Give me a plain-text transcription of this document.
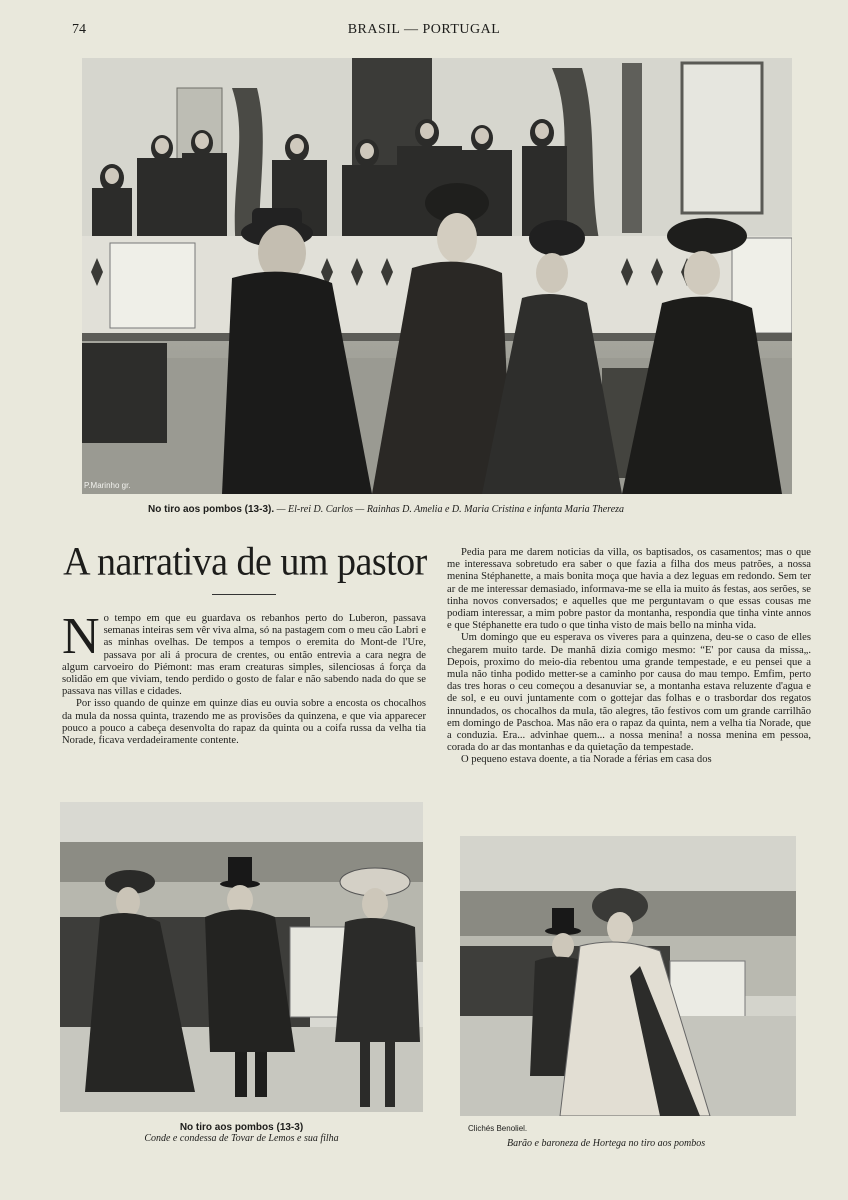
74	BRASIL — PORTUGAL
P.Marinho gr.
No tiro aos pombos (13-3). — El-rei D. Carlos — Rainhas D. Amelia e D. Maria Cristina e infanta Maria Thereza
A narrativa de um pastor

No tempo em que eu guardava os rebanhos perto do Luberon, passava semanas inteiras sem vêr viva alma, só na pastagem com o meu cão Labri e as minhas ovelhas. De tempos a tempos o eremita do Mont-de l'Ure, passava por ali á procura de crentes, ou então entrevia a cara negra de algum carvoeiro do Piémont: mas eram creaturas simples, silenciosas á força da solidão em que viviam, tendo perdido o gosto de falar e não sabendo nada do que se passava nas villas e cidades.

Por isso quando de quinze em quinze dias eu ouvia sobre a encosta os chocalhos da mula da nossa quinta, trazendo me as provisões da quinzena, e que via apparecer pouco a pouco a cabeça desenvolta do rapaz da quinta ou a coifa russa da velha tia Norade, ficava verdadeiramente contente.

Pedia para me darem noticias da villa, os baptisados, os casamentos; mas o que me interessava sobretudo era saber o que fazia a filha dos meus patrões, a nossa menina Stéphanette, a mais bonita moça que havia a dez leguas em redondo. Sem ter ar de me interessar demasiado, informava-me se ella ia muito ás festas, aos serões, se tinha novos conversados; e aquelles que me perguntavam o que essas cousas me podiam interessar, a mim pobre pastor da montanha, respondia que tinha vinte annos e que Stéphanette era tudo o que tinha visto de mais bello na minha vida.

Um domingo que eu esperava os viveres para a quinzena, deu-se o caso de elles chegarem muito tarde. De manhã dizia comigo mesmo: “E' por causa da missa„. Depois, proximo do meio-dia rebentou uma grande tempestade, e eu pensei que a mula não tinha podido metter-se a caminho por causa do mau tempo. Emfim, perto das tres horas o ceu começou a desanuviar se, a montanha estava reluzente d'agua e de sol, e eu ouvi juntamente com o gottejar das folhas e o trasbordar dos regatos innundados, os chocalhos da mula, tão alegres, tão festivos com um grande carrilhão em domingo de Paschoa. Mas não era o rapaz da quinta, nem a velha tia Norade, que a conduzia. Era... advinhae quem... a nossa menina! a nossa menina em pessoa, corada do ar das montanhas e da quietação da tempestade.

O pequeno estava doente, a tia Norade a férias em casa dos

No tiro aos pombos (13-3)
Conde e condessa de Tovar de Lemos e sua filha
Clichés Benoliel.
Barão e baroneza de Hortega no tiro aos pombos
